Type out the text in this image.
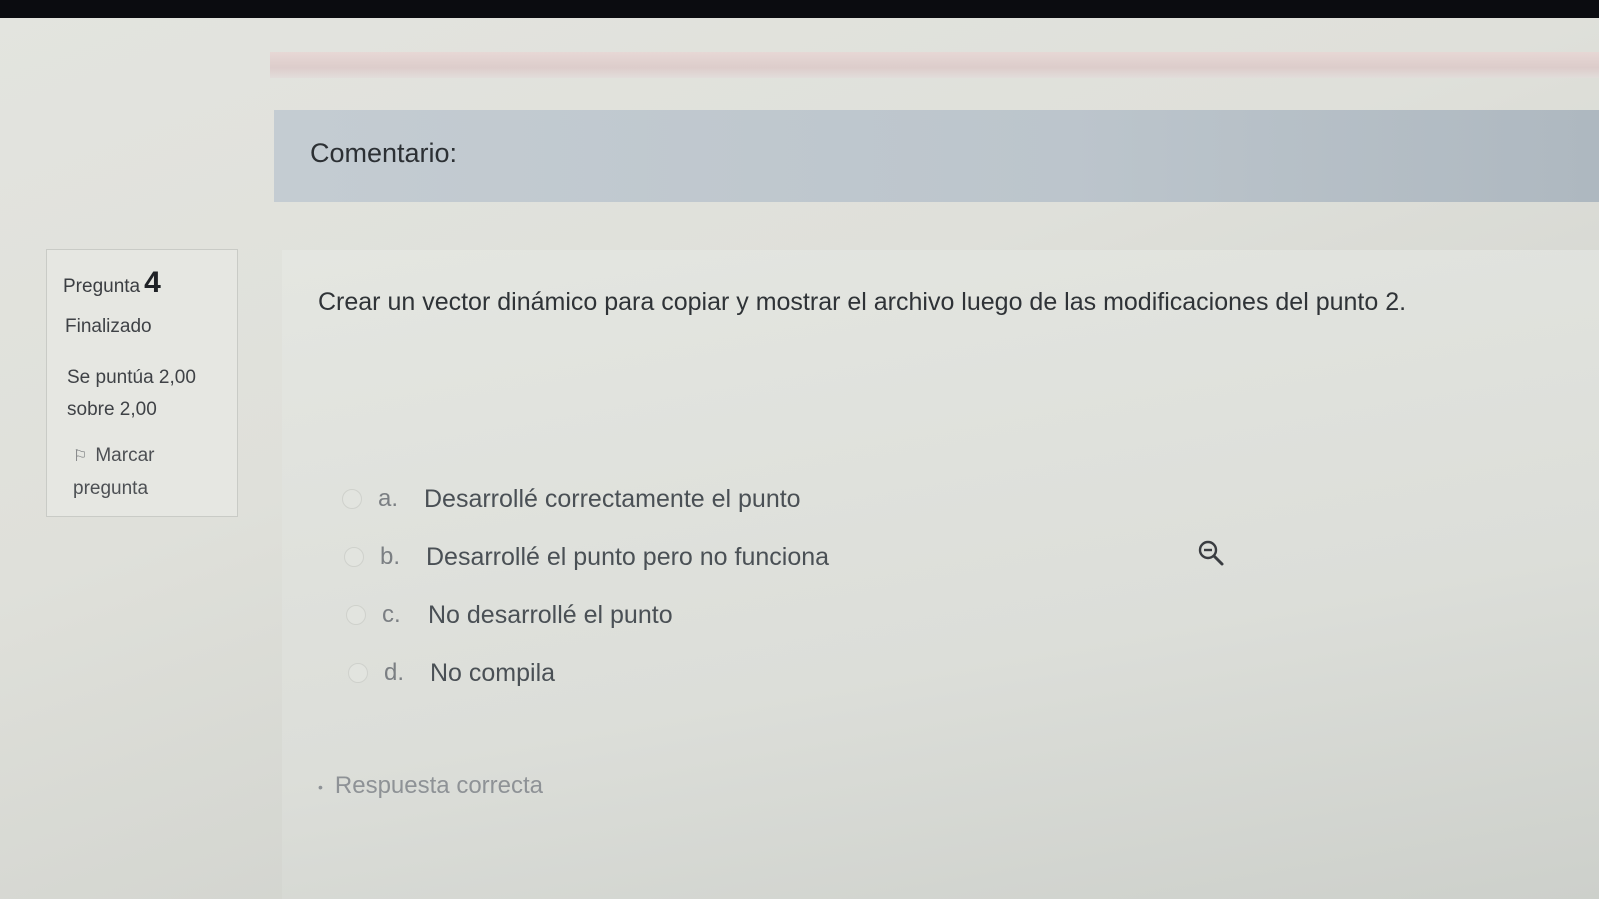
Comentario:
Pregunta 4
Finalizado
Se puntúa 2,00 sobre 2,00
⚐ Marcar pregunta
Crear un vector dinámico para copiar y mostrar el archivo luego de las modificaciones del punto 2.
a.	Desarrollé correctamente el punto
b.	Desarrollé el punto pero no funciona
c.	No desarrollé el punto
d.	No compila
• Respuesta correcta
